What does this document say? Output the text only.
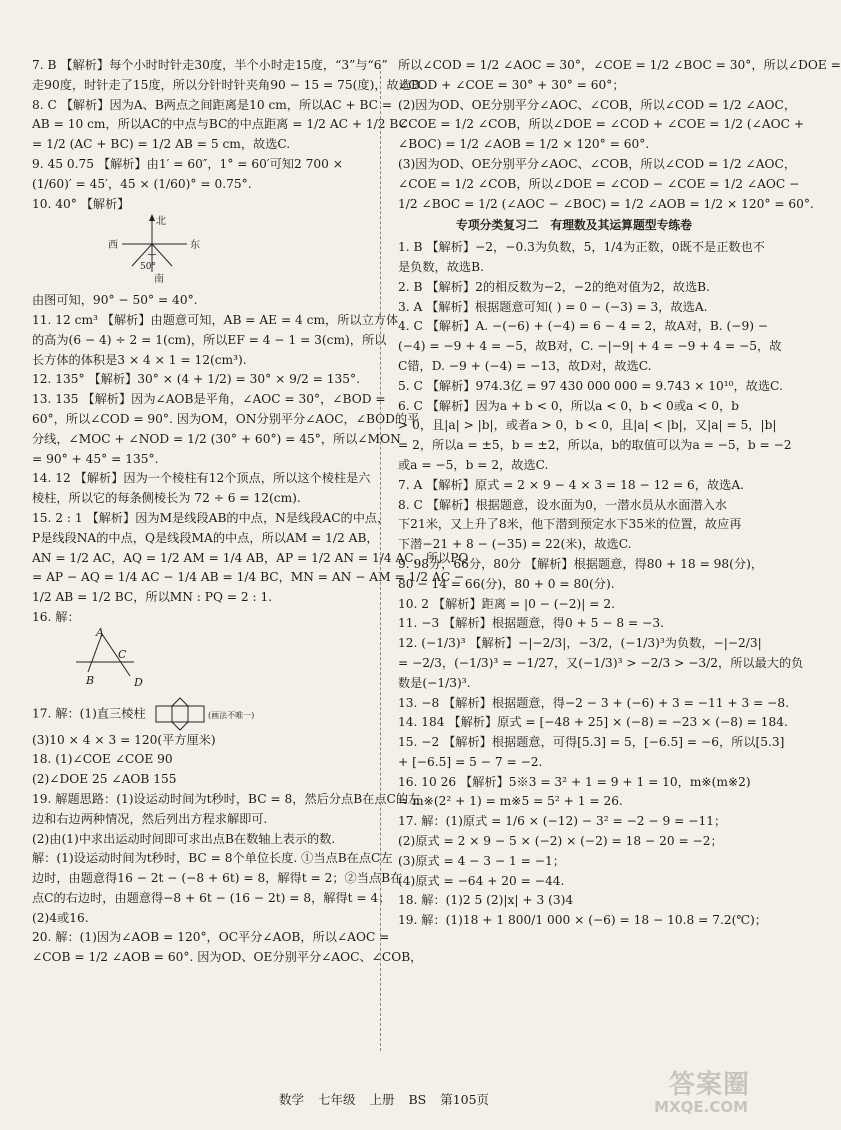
7. B 【解析】每个小时时针走30度，半个小时走15度，“3”与“6”
走90度，时针走了15度，所以分针时针夹角90 − 15 = 75(度)，故选B.
8. C 【解析】因为A、B两点之间距离是10 cm，所以AC + BC =
AB = 10 cm，所以AC的中点与BC的中点距离 = 1/2 AC + 1/2 BC
= 1/2 (AC + BC) = 1/2 AB = 5 cm，故选C.
9. 45 0.75 【解析】由1′ = 60″，1° = 60′可知2 700 ×
(1/60)′ = 45′，45 × (1/60)° = 0.75°.
10. 40° 【解析】
北
西	东
南
50°
由图可知，90° − 50° = 40°.
11. 12 cm³ 【解析】由题意可知，AB = AE = 4 cm，所以立方体
的高为(6 − 4) ÷ 2 = 1(cm)，所以EF = 4 − 1 = 3(cm)，所以
长方体的体积是3 × 4 × 1 = 12(cm³).
12. 135° 【解析】30° × (4 + 1/2) = 30° × 9/2 = 135°.
13. 135 【解析】因为∠AOB是平角，∠AOC = 30°，∠BOD =
60°，所以∠COD = 90°. 因为OM，ON分别平分∠AOC，∠BOD的平
分线，∠MOC + ∠NOD = 1/2 (30° + 60°) = 45°，所以∠MON
= 90° + 45° = 135°.
14. 12 【解析】因为一个棱柱有12个顶点，所以这个棱柱是六
棱柱，所以它的每条侧棱长为 72 ÷ 6 = 12(cm).
15. 2 : 1 【解析】因为M是线段AB的中点，N是线段AC的中点，
P是线段NA的中点，Q是线段MA的中点，所以AM = 1/2 AB，
AN = 1/2 AC，AQ = 1/2 AM = 1/4 AB，AP = 1/2 AN = 1/4 AC，所以PQ
= AP − AQ = 1/4 AC − 1/4 AB = 1/4 BC，MN = AN − AM = 1/2 AC −
1/2 AB = 1/2 BC，所以MN : PQ = 2 : 1.
16. 解：
A
B
C
D
17. 解：(1)直三棱柱	(画法不唯一)
(3)10 × 4 × 3 = 120(平方厘米)
18. (1)∠COE ∠COE 90
(2)∠DOE 25 ∠AOB 155
19. 解题思路：(1)设运动时间为t秒时，BC = 8，然后分点B在点C的左
边和右边两种情况，然后列出方程求解即可.
(2)由(1)中求出运动时间即可求出点B在数轴上表示的数.
解：(1)设运动时间为t秒时，BC = 8个单位长度. ①当点B在点C左
边时，由题意得16 − 2t − (−8 + 6t) = 8，解得t = 2；②当点B在
点C的右边时，由题意得−8 + 6t − (16 − 2t) = 8，解得t = 4；
(2)4或16.
20. 解：(1)因为∠AOB = 120°，OC平分∠AOB，所以∠AOC =
∠COB = 1/2 ∠AOB = 60°. 因为OD、OE分别平分∠AOC、∠COB，
所以∠COD = 1/2 ∠AOC = 30°，∠COE = 1/2 ∠BOC = 30°，所以∠DOE =
∠COD + ∠COE = 30° + 30° = 60°；
(2)因为OD、OE分别平分∠AOC、∠COB，所以∠COD = 1/2 ∠AOC，
∠COE = 1/2 ∠COB，所以∠DOE = ∠COD + ∠COE = 1/2 (∠AOC +
∠BOC) = 1/2 ∠AOB = 1/2 × 120° = 60°.
(3)因为OD、OE分别平分∠AOC、∠COB，所以∠COD = 1/2 ∠AOC，
∠COE = 1/2 ∠COB，所以∠DOE = ∠COD − ∠COE = 1/2 ∠AOC −
1/2 ∠BOC = 1/2 (∠AOC − ∠BOC) = 1/2 ∠AOB = 1/2 × 120° = 60°.
专项分类复习二　有理数及其运算题型专练卷
1. B 【解析】−2，−0.3为负数，5，1/4为正数，0既不是正数也不
是负数，故选B.
2. B 【解析】2的相反数为−2，−2的绝对值为2，故选B.
3. A 【解析】根据题意可知( ) = 0 − (−3) = 3，故选A.
4. C 【解析】A. −(−6) + (−4) = 6 − 4 = 2，故A对，B. (−9) −
(−4) = −9 + 4 = −5，故B对，C. −|−9| + 4 = −9 + 4 = −5，故
C错，D. −9 + (−4) = −13，故D对，故选C.
5. C 【解析】974.3亿 = 97 430 000 000 = 9.743 × 10¹⁰，故选C.
6. C 【解析】因为a + b < 0，所以a < 0，b < 0或a < 0，b
> 0，且|a| > |b|，或者a > 0，b < 0，且|a| < |b|，又|a| = 5，|b|
= 2，所以a = ±5，b = ±2，所以a，b的取值可以为a = −5，b = −2
或a = −5，b = 2，故选C.
7. A 【解析】原式 = 2 × 9 − 4 × 3 = 18 − 12 = 6，故选A.
8. C 【解析】根据题意，设水面为0，一潜水员从水面潜入水
下21米，又上升了8米，他下潜到预定水下35米的位置，故应再
下潜−21 + 8 − (−35) = 22(米)，故选C.
9. 98分，66分，80分 【解析】根据题意，得80 + 18 = 98(分)，
80 − 14 = 66(分)，80 + 0 = 80(分).
10. 2 【解析】距离 = |0 − (−2)| = 2.
11. −3 【解析】根据题意，得0 + 5 − 8 = −3.
12. (−1/3)³ 【解析】−|−2/3|，−3/2，(−1/3)³为负数，−|−2/3|
= −2/3，(−1/3)³ = −1/27，又(−1/3)³ > −2/3 > −3/2，所以最大的负
数是(−1/3)³.
13. −8 【解析】根据题意，得−2 − 3 + (−6) + 3 = −11 + 3 = −8.
14. 184 【解析】原式 = [−48 + 25] × (−8) = −23 × (−8) = 184.
15. −2 【解析】根据题意，可得[5.3] = 5，[−6.5] = −6，所以[5.3]
+ [−6.5] = 5 − 7 = −2.
16. 10 26 【解析】5※3 = 3² + 1 = 9 + 1 = 10，m※(m※2)
= m※(2² + 1) = m※5 = 5² + 1 = 26.
17. 解：(1)原式 = 1/6 × (−12) − 3² = −2 − 9 = −11；
(2)原式 = 2 × 9 − 5 × (−2) × (−2) = 18 − 20 = −2；
(3)原式 = 4 − 3 − 1 = −1；
(4)原式 = −64 + 20 = −44.
18. 解：(1)2 5 (2)|x| + 3 (3)4
19. 解：(1)18 + 1 800/1 000 × (−6) = 18 − 10.8 = 7.2(℃)；
数学 七年级 上册 BS 第105页	答案圈
MXQE.COM
